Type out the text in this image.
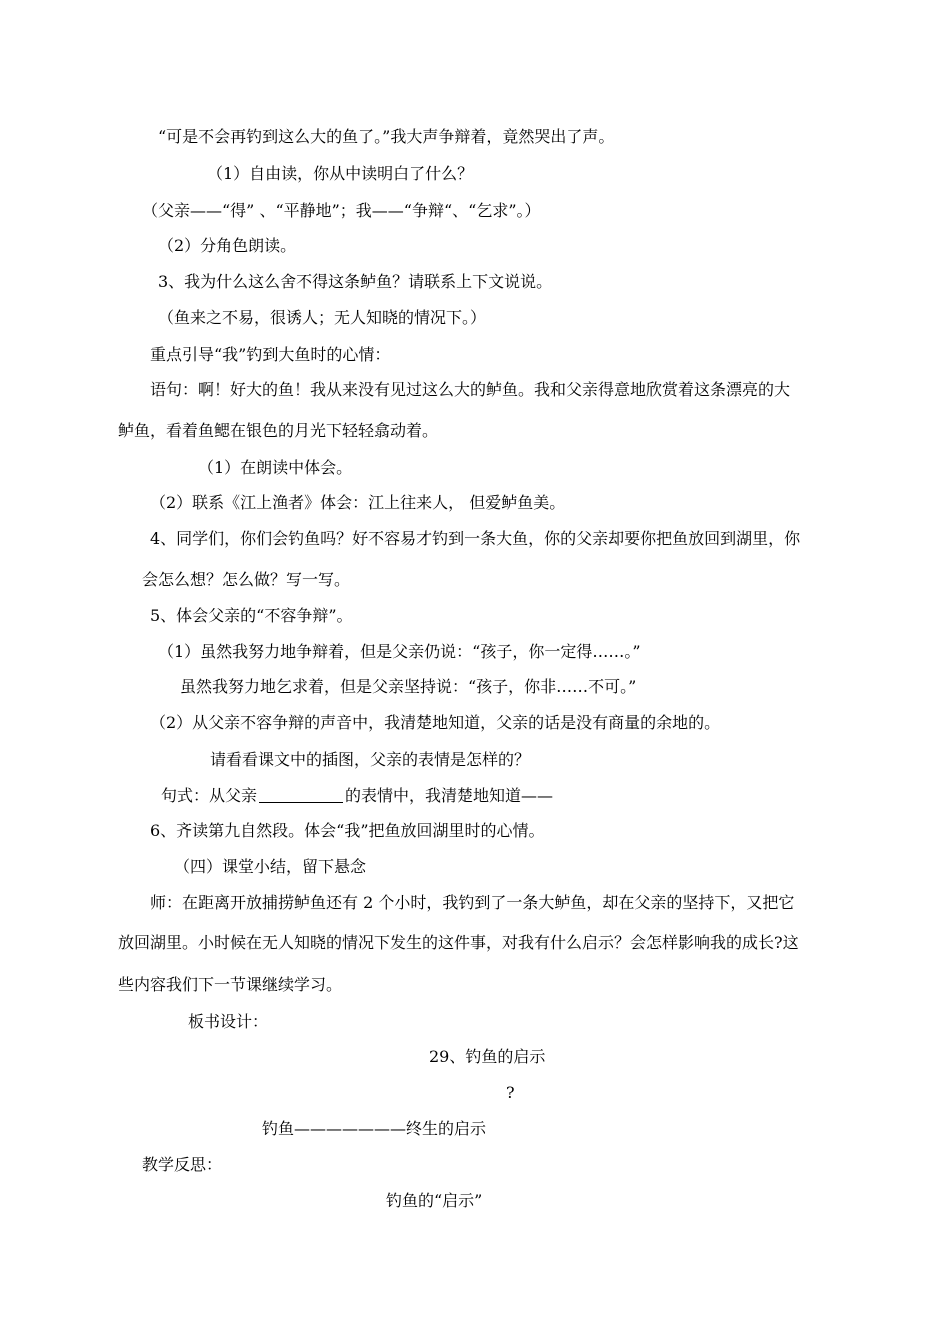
“可是不会再钓到这么大的鱼了。”我大声争辩着，竟然哭出了声。
（1）自由读，你从中读明白了什么？
（父亲——“得” 、“平静地”；我——“争辩“、“乞求”。）
（2）分角色朗读。
3、我为什么这么舍不得这条鲈鱼？请联系上下文说说。
（鱼来之不易，很诱人；无人知晓的情况下。）
重点引导“我”钓到大鱼时的心情：
语句：啊！好大的鱼！我从来没有见过这么大的鲈鱼。我和父亲得意地欣赏着这条漂亮的大
鲈鱼，看着鱼鳃在银色的月光下轻轻翕动着。
（1）在朗读中体会。
（2）联系《江上渔者》体会：江上往来人， 但爱鲈鱼美。
4、同学们，你们会钓鱼吗？好不容易才钓到一条大鱼，你的父亲却要你把鱼放回到湖里，你
会怎么想？怎么做？写一写。
5、体会父亲的“不容争辩”。
（1）虽然我努力地争辩着，但是父亲仍说：“孩子，你一定得……。”
虽然我努力地乞求着，但是父亲坚持说：“孩子，你非……不可。”
（2）从父亲不容争辩的声音中，我清楚地知道，父亲的话是没有商量的余地的。
请看看课文中的插图，父亲的表情是怎样的？
句式：从父亲	的表情中，我清楚地知道——
6、齐读第九自然段。体会“我”把鱼放回湖里时的心情。
（四）课堂小结，留下悬念
师：在距离开放捕捞鲈鱼还有 2 个小时，我钓到了一条大鲈鱼，却在父亲的坚持下，又把它
放回湖里。小时候在无人知晓的情况下发生的这件事，对我有什么启示？会怎样影响我的成长?这
些内容我们下一节课继续学习。
板书设计：
29、钓鱼的启示
?
钓鱼———————终生的启示
教学反思：
钓鱼的“启示”
